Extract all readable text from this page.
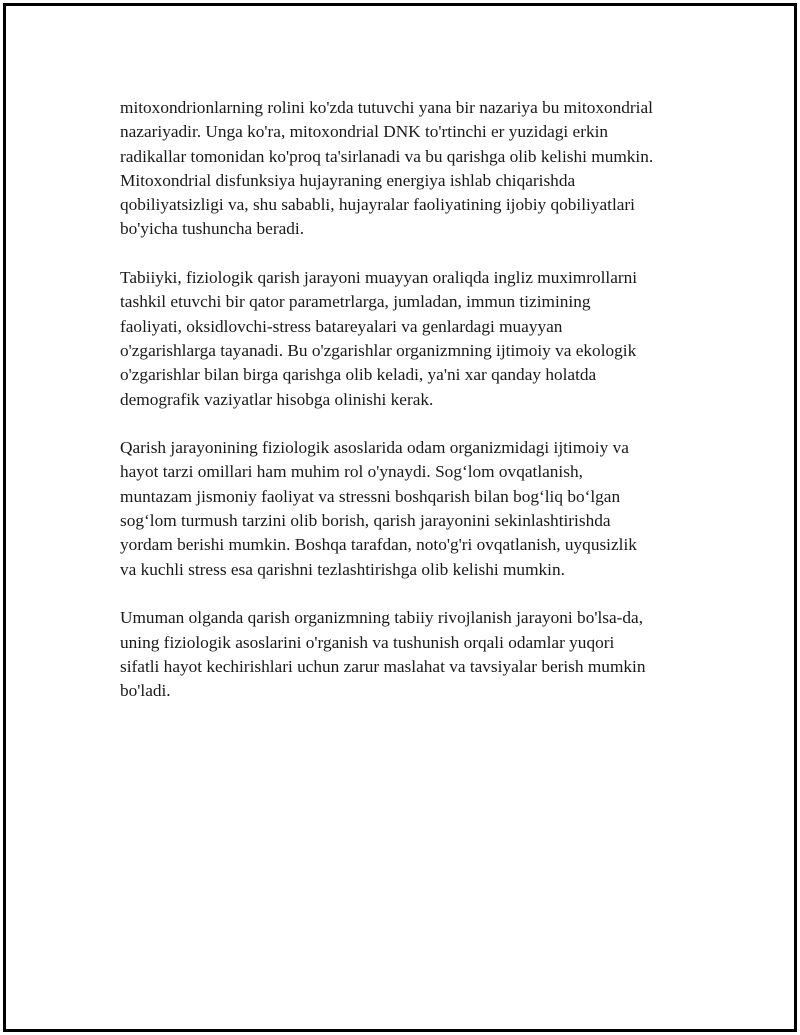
mitoxondrionlarning rolini ko'zda tutuvchi yana bir nazariya bu mitoxondrial
nazariyadir. Unga ko'ra, mitoxondrial DNK to'rtinchi er yuzidagi erkin
radikallar tomonidan ko'proq ta'sirlanadi va bu qarishga olib kelishi mumkin.
Mitoxondrial disfunksiya hujayraning energiya ishlab chiqarishda
qobiliyatsizligi va, shu sababli, hujayralar faoliyatining ijobiy qobiliyatlari
bo'yicha tushuncha beradi.

Tabiiyki, fiziologik qarish jarayoni muayyan oraliqda ingliz muximrollarni
tashkil etuvchi bir qator parametrlarga, jumladan, immun tizimining
faoliyati, oksidlovchi-stress batareyalari va genlardagi muayyan
o'zgarishlarga tayanadi. Bu o'zgarishlar organizmning ijtimoiy va ekologik
o'zgarishlar bilan birga qarishga olib keladi, ya'ni xar qanday holatda
demografik vaziyatlar hisobga olinishi kerak.

Qarish jarayonining fiziologik asoslarida odam organizmidagi ijtimoiy va
hayot tarzi omillari ham muhim rol o'ynaydi. Sog‘lom ovqatlanish,
muntazam jismoniy faoliyat va stressni boshqarish bilan bog‘liq bo‘lgan
sog‘lom turmush tarzini olib borish, qarish jarayonini sekinlashtirishda
yordam berishi mumkin. Boshqa tarafdan, noto'g'ri ovqatlanish, uyqusizlik
va kuchli stress esa qarishni tezlashtirishga olib kelishi mumkin.

Umuman olganda qarish organizmning tabiiy rivojlanish jarayoni bo'lsa-da,
uning fiziologik asoslarini o'rganish va tushunish orqali odamlar yuqori
sifatli hayot kechirishlari uchun zarur maslahat va tavsiyalar berish mumkin
bo'ladi.
